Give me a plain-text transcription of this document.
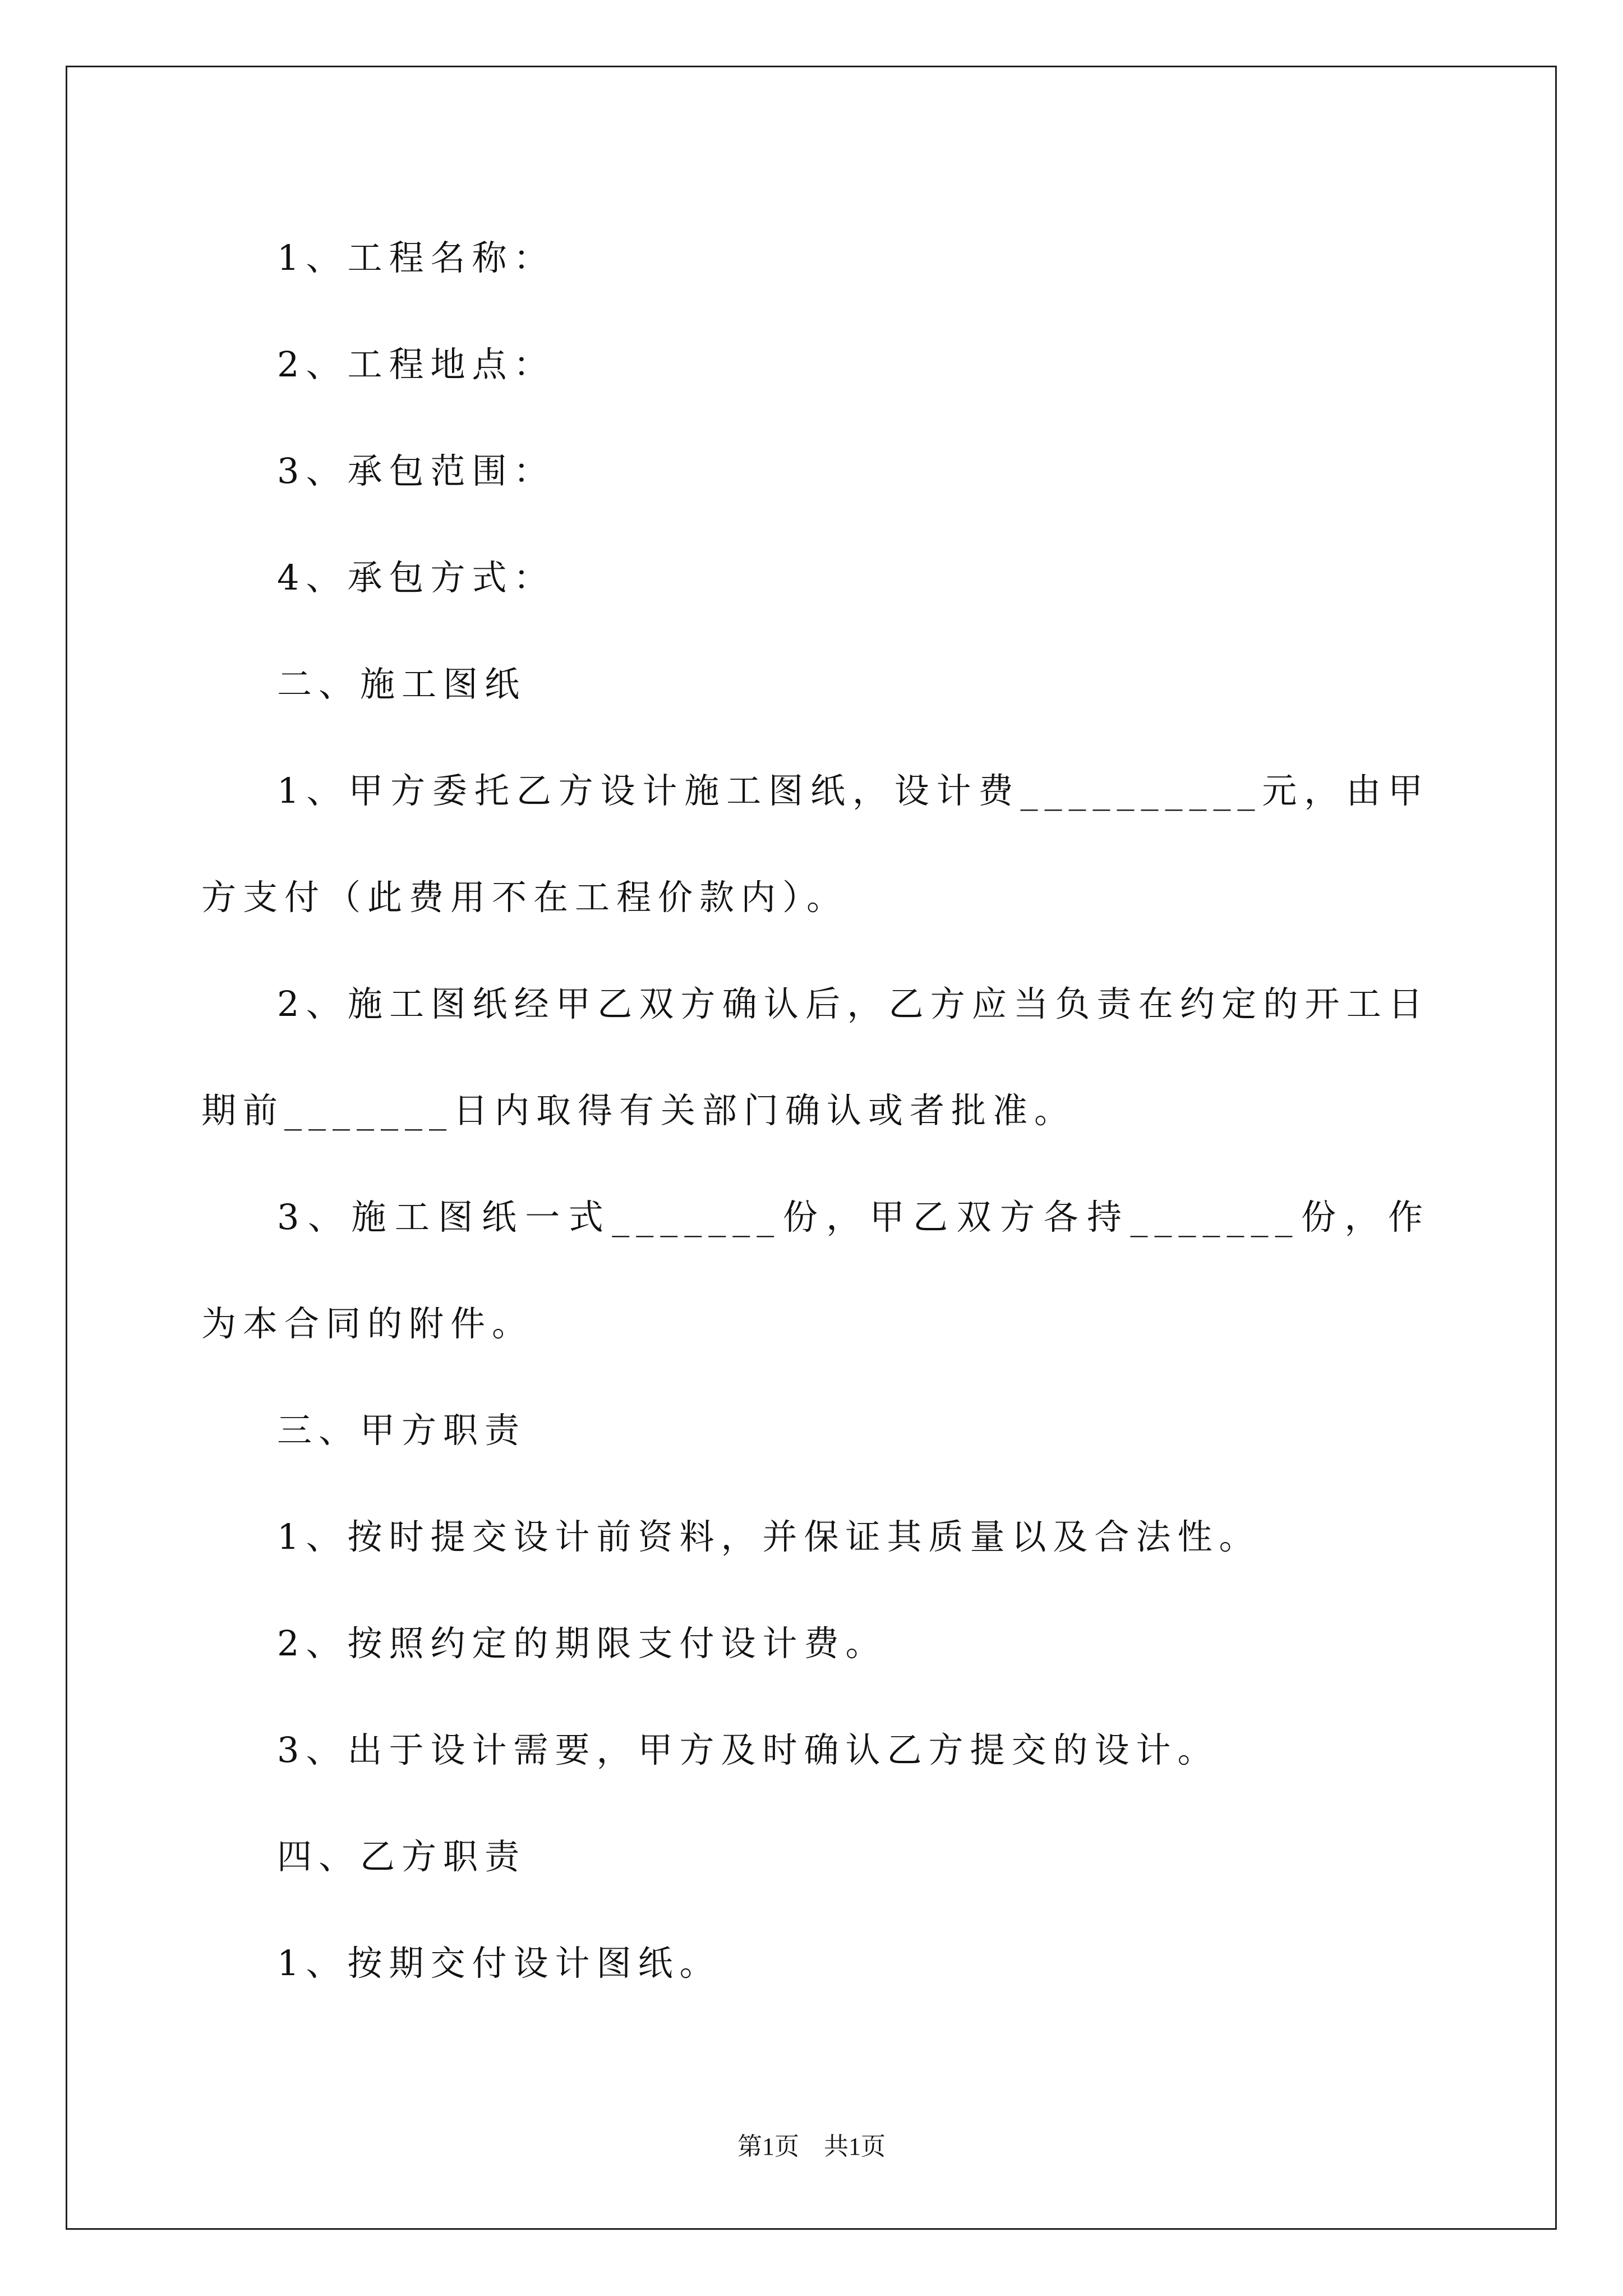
1、工程名称：

2、工程地点：

3、承包范围：

4、承包方式：

二、施工图纸

1、甲方委托乙方设计施工图纸，设计费__________元，由甲方支付（此费用不在工程价款内）。

2、施工图纸经甲乙双方确认后，乙方应当负责在约定的开工日期前_______日内取得有关部门确认或者批准。

3、施工图纸一式_______份，甲乙双方各持_______份，作为本合同的附件。

三、甲方职责

1、按时提交设计前资料，并保证其质量以及合法性。

2、按照约定的期限支付设计费。

3、出于设计需要，甲方及时确认乙方提交的设计。

四、乙方职责

1、按期交付设计图纸。

第1页　共1页
